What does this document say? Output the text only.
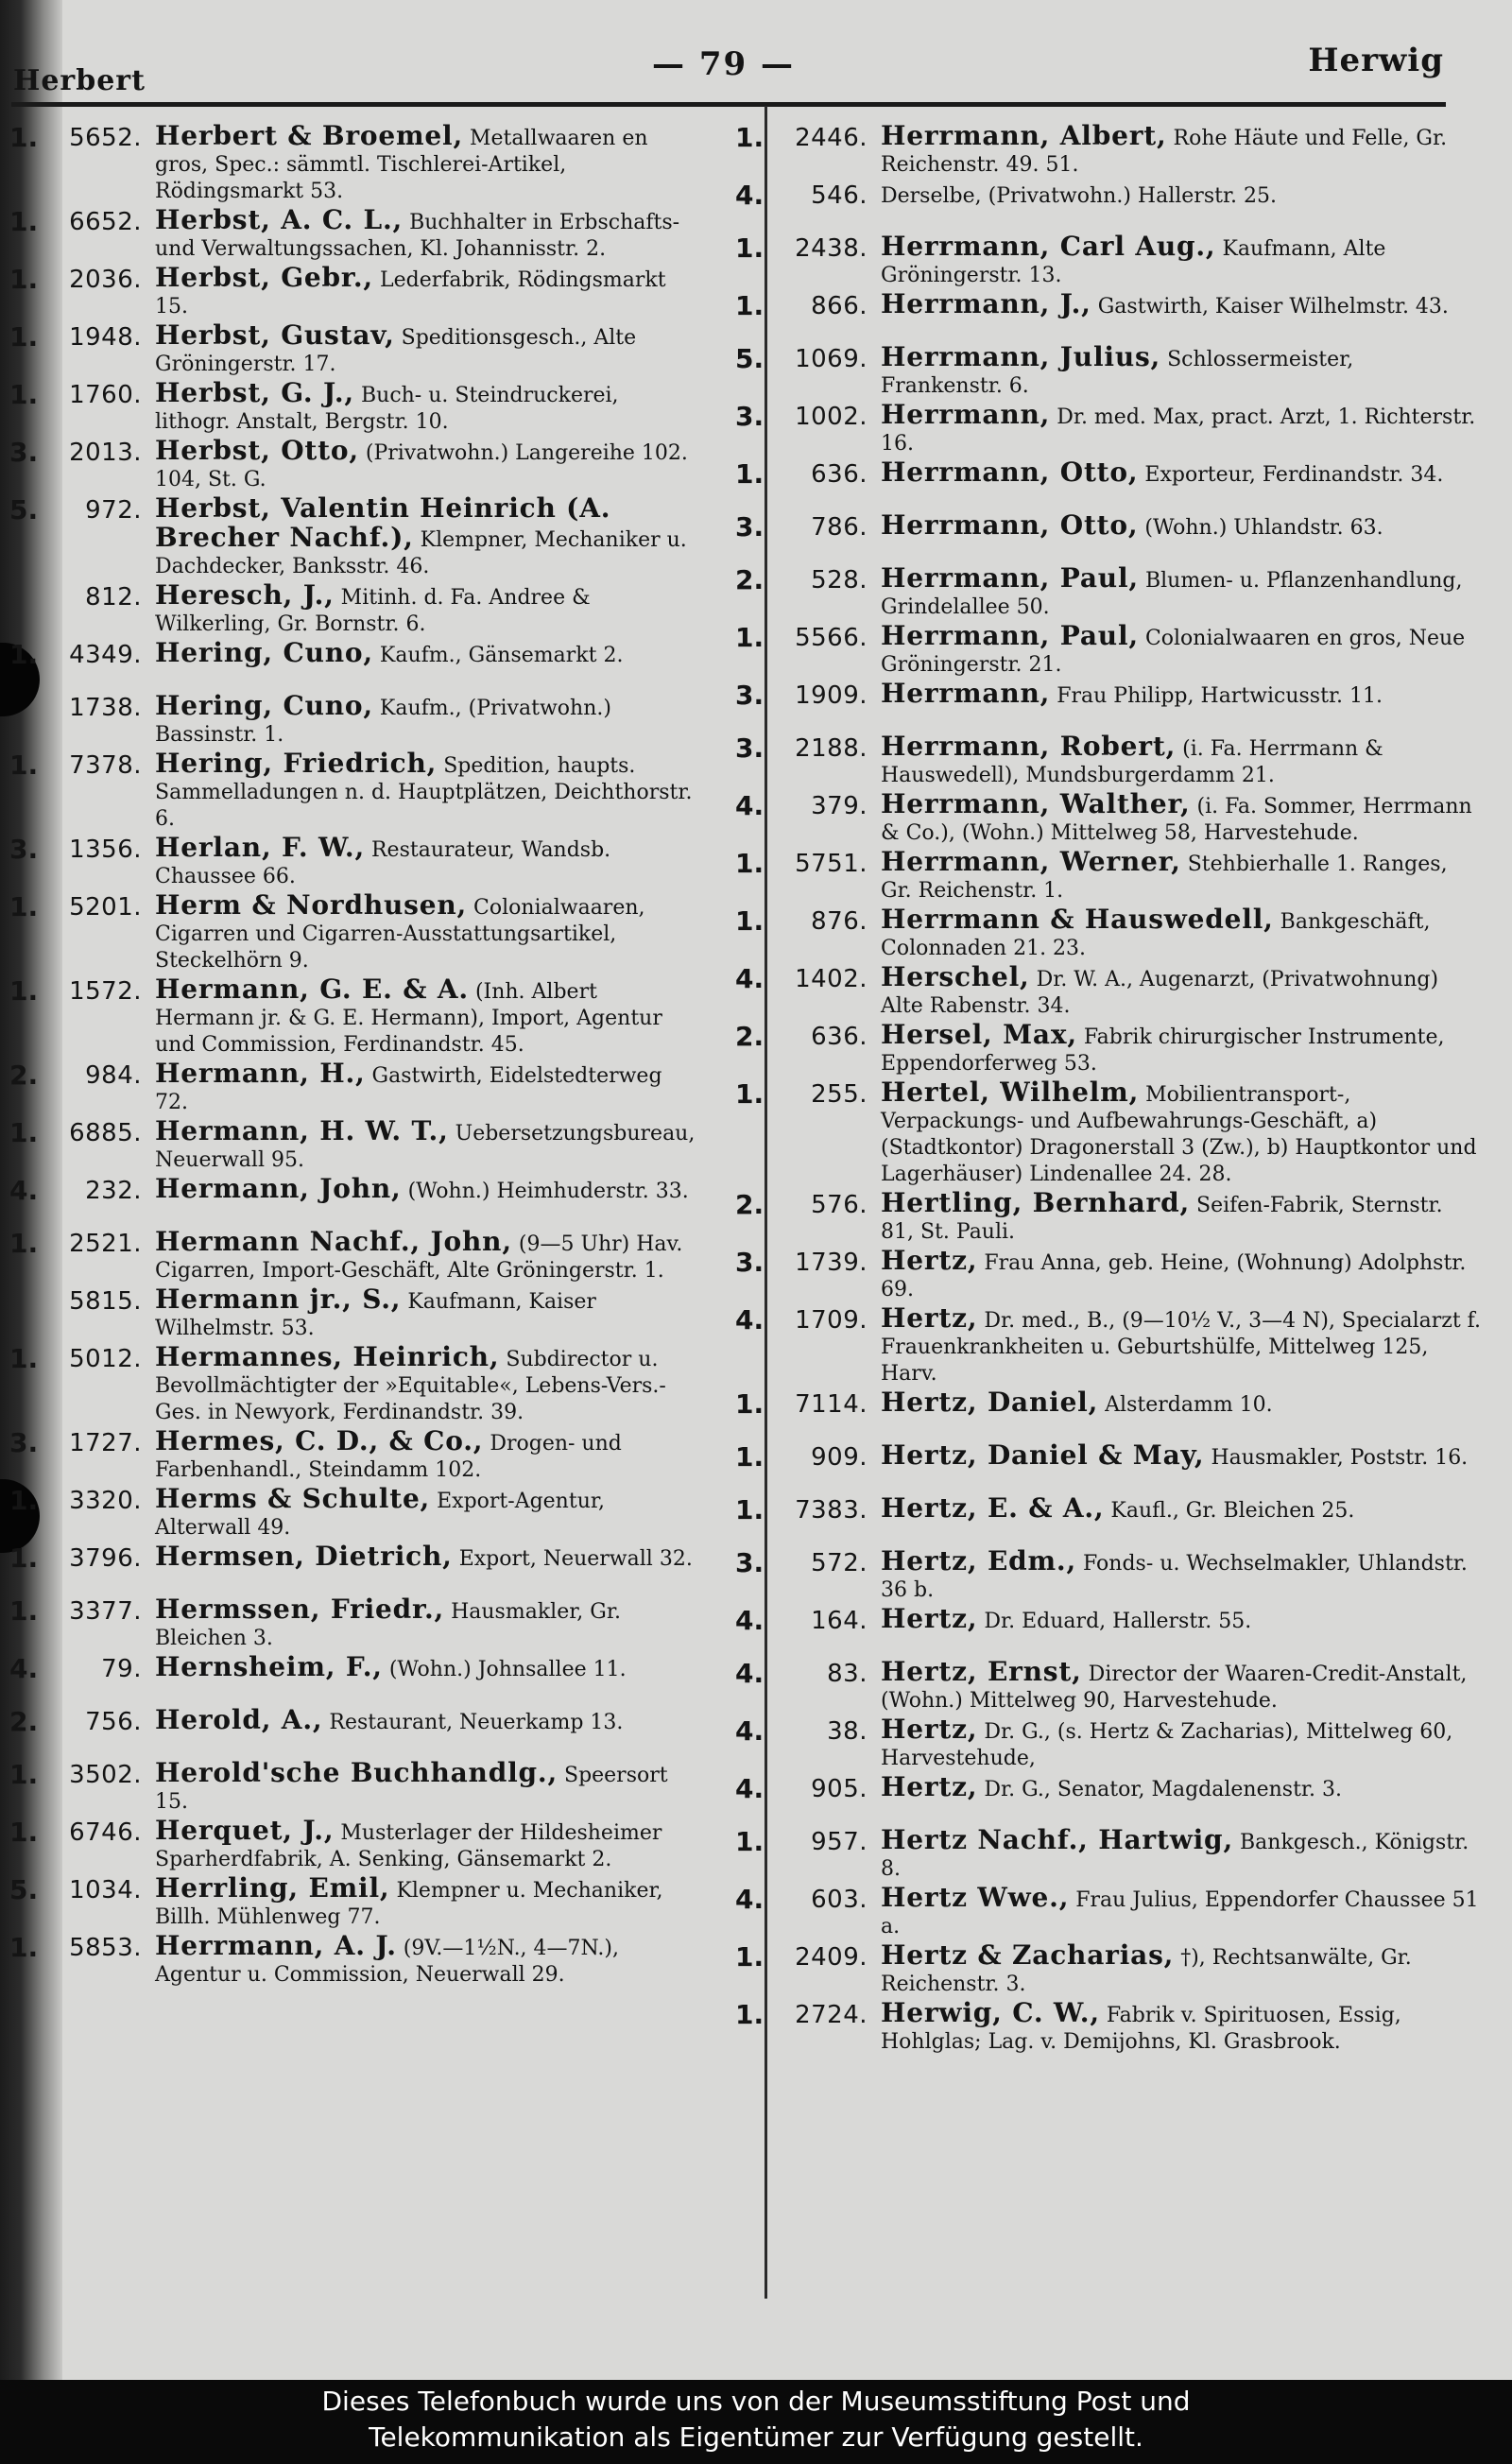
Herbert	— 79 —	Herwig
1.	5652. Herbert & Broemel, Metallwaaren en gros, Spec.: sämmtl. Tischlerei-Artikel, Rödingsmarkt 53.
1.	6652. Herbst, A. C. L., Buchhalter in Erbschafts- und Verwaltungssachen, Kl. Johannisstr. 2.
1.	2036. Herbst, Gebr., Lederfabrik, Rödingsmarkt 15.
1.	1948. Herbst, Gustav, Speditionsgesch., Alte Gröningerstr. 17.
1.	1760. Herbst, G. J., Buch- u. Steindruckerei, lithogr. Anstalt, Bergstr. 10.
3.	2013. Herbst, Otto, (Privatwohn.) Langereihe 102. 104, St. G.
5.	972. Herbst, Valentin Heinrich (A. Brecher Nachf.), Klempner, Mechaniker u. Dachdecker, Banksstr. 46.
812. Heresch, J., Mitinh. d. Fa. Andree & Wilkerling, Gr. Bornstr. 6.
1.	4349. Hering, Cuno, Kaufm., Gänsemarkt 2.
1738. Hering, Cuno, Kaufm., (Privatwohn.) Bassinstr. 1.
1.	7378. Hering, Friedrich, Spedition, haupts. Sammelladungen n. d. Hauptplätzen, Deichthorstr. 6.
3.	1356. Herlan, F. W., Restaurateur, Wandsb. Chaussee 66.
1.	5201. Herm & Nordhusen, Colonialwaaren, Cigarren und Cigarren-Ausstattungsartikel, Steckelhörn 9.
1.	1572. Hermann, G. E. & A. (Inh. Albert Hermann jr. & G. E. Hermann), Import, Agentur und Commission, Ferdinandstr. 45.
2.	984. Hermann, H., Gastwirth, Eidelstedterweg 72.
1.	6885. Hermann, H. W. T., Uebersetzungsbureau, Neuerwall 95.
4.	232. Hermann, John, (Wohn.) Heimhuderstr. 33.
1.	2521. Hermann Nachf., John, (9—5 Uhr) Hav. Cigarren, Import-Geschäft, Alte Gröningerstr. 1.
5815. Hermann jr., S., Kaufmann, Kaiser Wilhelmstr. 53.
1.	5012. Hermannes, Heinrich, Subdirector u. Bevollmächtigter der »Equitable«, Lebens-Vers.-Ges. in Newyork, Ferdinandstr. 39.
3.	1727. Hermes, C. D., & Co., Drogen- und Farbenhandl., Steindamm 102.
1.	3320. Herms & Schulte, Export-Agentur, Alterwall 49.
1.	3796. Hermsen, Dietrich, Export, Neuerwall 32.
1.	3377. Hermssen, Friedr., Hausmakler, Gr. Bleichen 3.
4.	79. Hernsheim, F., (Wohn.) Johnsallee 11.
2.	756. Herold, A., Restaurant, Neuerkamp 13.
1.	3502. Herold'sche Buchhandlg., Speersort 15.
1.	6746. Herquet, J., Musterlager der Hildesheimer Sparherdfabrik, A. Senking, Gänsemarkt 2.
5.	1034. Herrling, Emil, Klempner u. Mechaniker, Billh. Mühlenweg 77.
1.	5853. Herrmann, A. J. (9V.—1½N., 4—7N.), Agentur u. Commission, Neuerwall 29.
1.	2446. Herrmann, Albert, Rohe Häute und Felle, Gr. Reichenstr. 49. 51.
4.	546. Derselbe, (Privatwohn.) Hallerstr. 25.
1.	2438. Herrmann, Carl Aug., Kaufmann, Alte Gröningerstr. 13.
1.	866. Herrmann, J., Gastwirth, Kaiser Wilhelmstr. 43.
5.	1069. Herrmann, Julius, Schlossermeister, Frankenstr. 6.
3.	1002. Herrmann, Dr. med. Max, pract. Arzt, 1. Richterstr. 16.
1.	636. Herrmann, Otto, Exporteur, Ferdinandstr. 34.
3.	786. Herrmann, Otto, (Wohn.) Uhlandstr. 63.
2.	528. Herrmann, Paul, Blumen- u. Pflanzenhandlung, Grindelallee 50.
1.	5566. Herrmann, Paul, Colonialwaaren en gros, Neue Gröningerstr. 21.
3.	1909. Herrmann, Frau Philipp, Hartwicusstr. 11.
3.	2188. Herrmann, Robert, (i. Fa. Herrmann & Hauswedell), Mundsburgerdamm 21.
4.	379. Herrmann, Walther, (i. Fa. Sommer, Herrmann & Co.), (Wohn.) Mittelweg 58, Harvestehude.
1.	5751. Herrmann, Werner, Stehbierhalle 1. Ranges, Gr. Reichenstr. 1.
1.	876. Herrmann & Hauswedell, Bankgeschäft, Colonnaden 21. 23.
4.	1402. Herschel, Dr. W. A., Augenarzt, (Privatwohnung) Alte Rabenstr. 34.
2.	636. Hersel, Max, Fabrik chirurgischer Instrumente, Eppendorferweg 53.
1.	255. Hertel, Wilhelm, Mobilientransport-, Verpackungs- und Aufbewahrungs-Geschäft, a) (Stadtkontor) Dragonerstall 3 (Zw.), b) Hauptkontor und Lagerhäuser) Lindenallee 24. 28.
2.	576. Hertling, Bernhard, Seifen-Fabrik, Sternstr. 81, St. Pauli.
3.	1739. Hertz, Frau Anna, geb. Heine, (Wohnung) Adolphstr. 69.
4.	1709. Hertz, Dr. med., B., (9—10½ V., 3—4 N), Specialarzt f. Frauenkrankheiten u. Geburtshülfe, Mittelweg 125, Harv.
1.	7114. Hertz, Daniel, Alsterdamm 10.
1.	909. Hertz, Daniel & May, Hausmakler, Poststr. 16.
1.	7383. Hertz, E. & A., Kaufl., Gr. Bleichen 25.
3.	572. Hertz, Edm., Fonds- u. Wechselmakler, Uhlandstr. 36 b.
4.	164. Hertz, Dr. Eduard, Hallerstr. 55.
4.	83. Hertz, Ernst, Director der Waaren-Credit-Anstalt, (Wohn.) Mittelweg 90, Harvestehude.
4.	38. Hertz, Dr. G., (s. Hertz & Zacharias), Mittelweg 60, Harvestehude,
4.	905. Hertz, Dr. G., Senator, Magdalenenstr. 3.
1.	957. Hertz Nachf., Hartwig, Bankgesch., Königstr. 8.
4.	603. Hertz Wwe., Frau Julius, Eppendorfer Chaussee 51 a.
1.	2409. Hertz & Zacharias, †), Rechtsanwälte, Gr. Reichenstr. 3.
1.	2724. Herwig, C. W., Fabrik v. Spirituosen, Essig, Hohlglas; Lag. v. Demijohns, Kl. Grasbrook.
Dieses Telefonbuch wurde uns von der Museumsstiftung Post und
Telekommunikation als Eigentümer zur Verfügung gestellt.
